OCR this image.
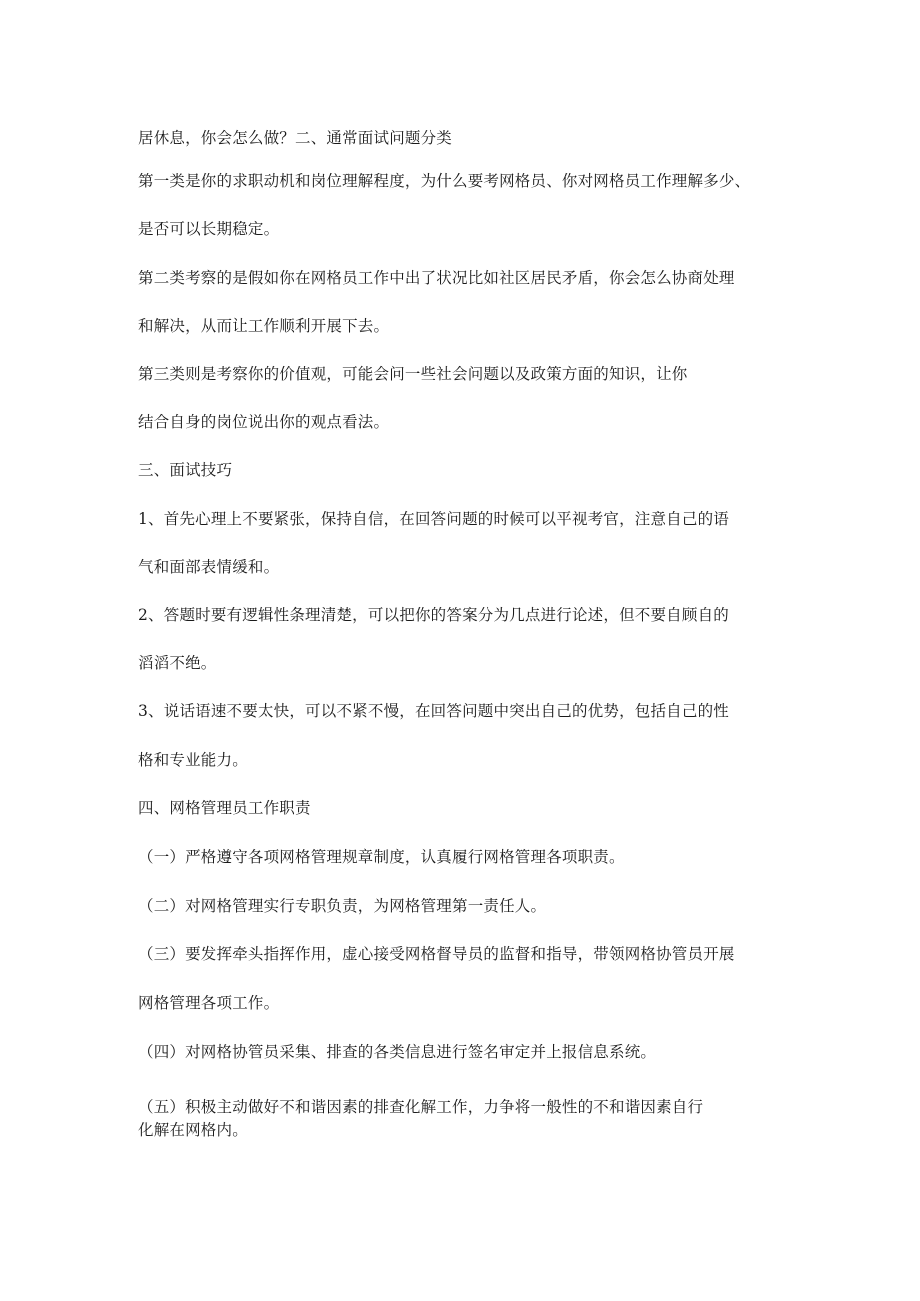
居休息，你会怎么做？二、通常面试问题分类

第一类是你的求职动机和岗位理解程度，为什么要考网格员、你对网格员工作理解多少、

是否可以长期稳定。

第二类考察的是假如你在网格员工作中出了状况比如社区居民矛盾，你会怎么协商处理

和解决，从而让工作顺利开展下去。

第三类则是考察你的价值观，可能会问一些社会问题以及政策方面的知识，让你

结合自身的岗位说出你的观点看法。

三、面试技巧

1、首先心理上不要紧张，保持自信，在回答问题的时候可以平视考官，注意自己的语

气和面部表情缓和。

2、答题时要有逻辑性条理清楚，可以把你的答案分为几点进行论述，但不要自顾自的

滔滔不绝。

3、说话语速不要太快，可以不紧不慢，在回答问题中突出自己的优势，包括自己的性

格和专业能力。

四、网格管理员工作职责

（一）严格遵守各项网格管理规章制度，认真履行网格管理各项职责。

（二）对网格管理实行专职负责，为网格管理第一责任人。

（三）要发挥牵头指挥作用，虚心接受网格督导员的监督和指导，带领网格协管员开展

网格管理各项工作。

（四）对网格协管员采集、排查的各类信息进行签名审定并上报信息系统。

（五）积极主动做好不和谐因素的排查化解工作，力争将一般性的不和谐因素自行

化解在网格内。
